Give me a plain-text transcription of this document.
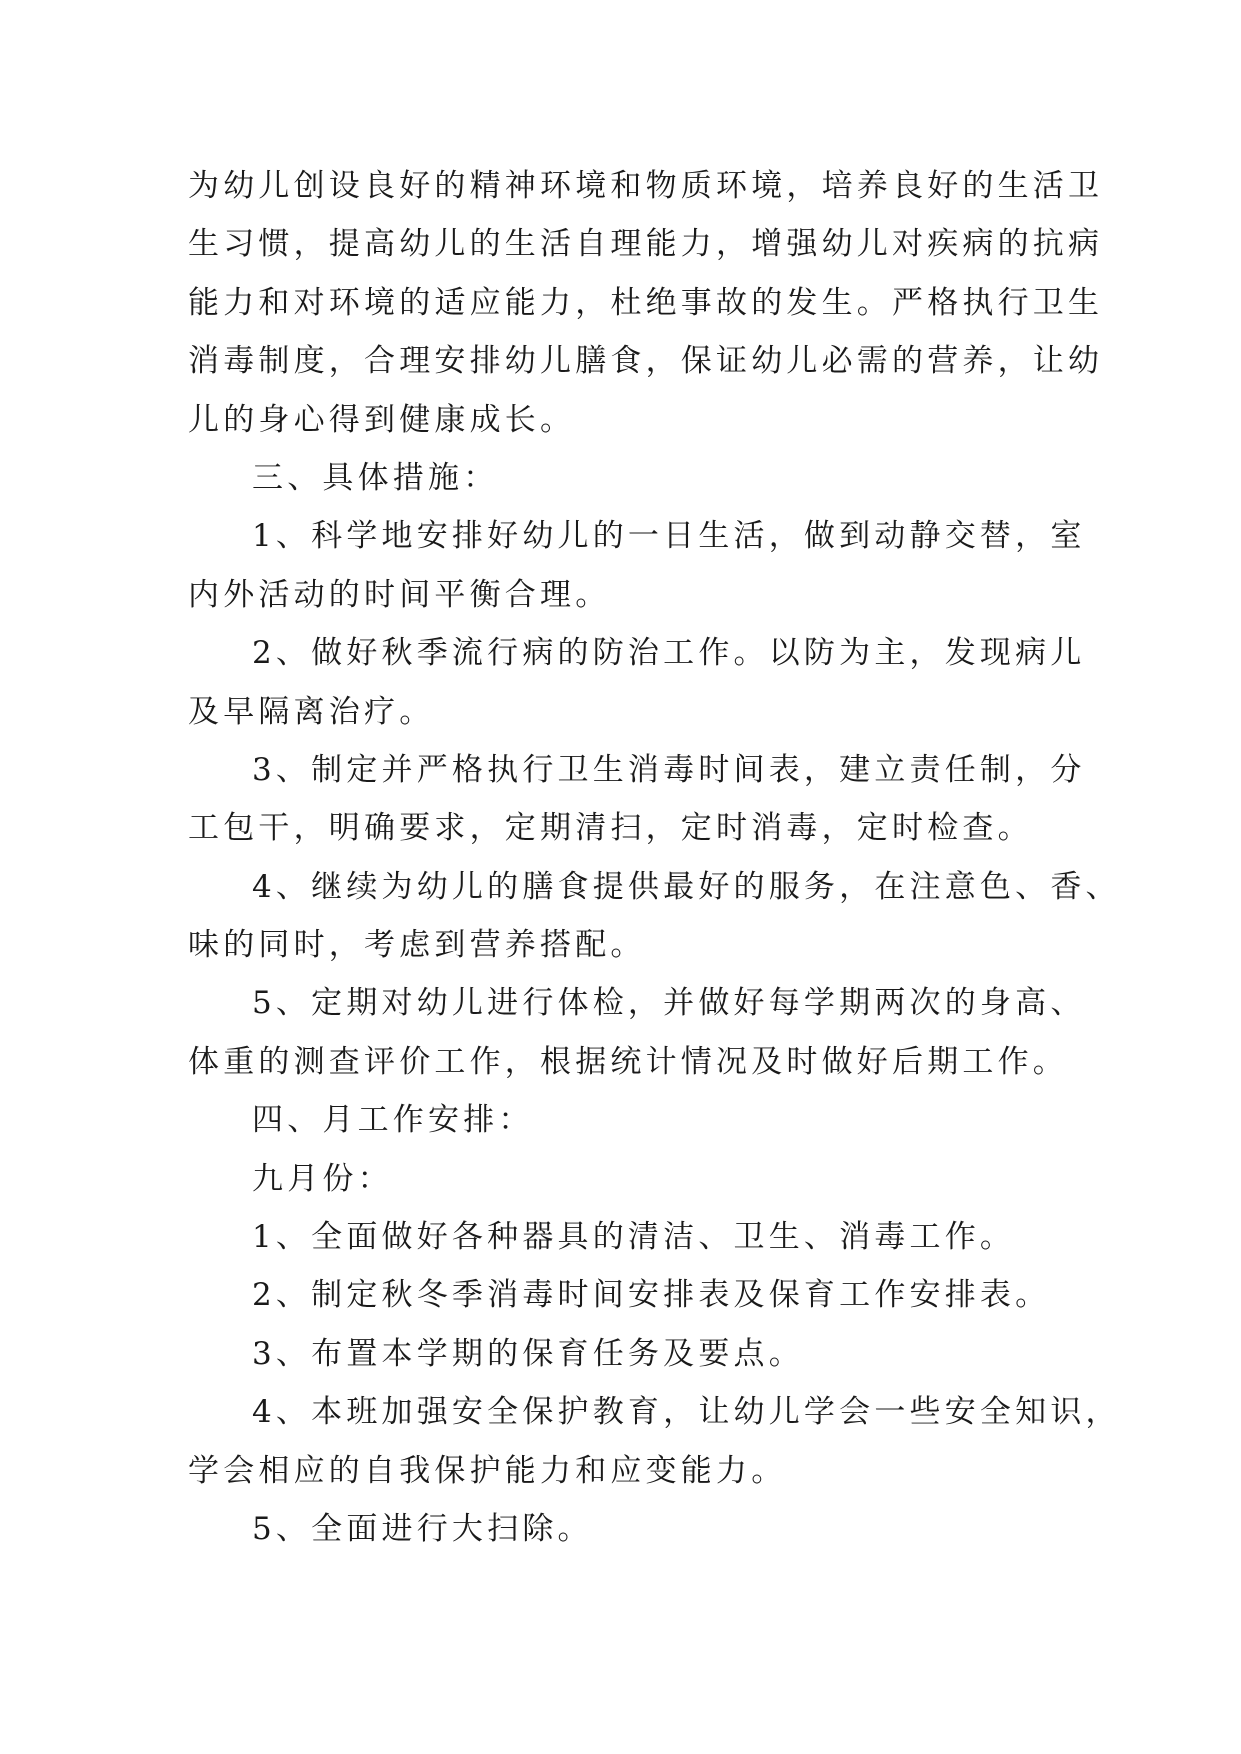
为幼儿创设良好的精神环境和物质环境，培养良好的生活卫
生习惯，提高幼儿的生活自理能力，增强幼儿对疾病的抗病
能力和对环境的适应能力，杜绝事故的发生。严格执行卫生
消毒制度，合理安排幼儿膳食，保证幼儿必需的营养，让幼
儿的身心得到健康成长。
三、具体措施：
1、科学地安排好幼儿的一日生活，做到动静交替，室
内外活动的时间平衡合理。
2、做好秋季流行病的防治工作。以防为主，发现病儿
及早隔离治疗。
3、制定并严格执行卫生消毒时间表，建立责任制，分
工包干，明确要求，定期清扫，定时消毒，定时检查。
4、继续为幼儿的膳食提供最好的服务，在注意色、香、
味的同时，考虑到营养搭配。
5、定期对幼儿进行体检，并做好每学期两次的身高、
体重的测查评价工作，根据统计情况及时做好后期工作。
四、月工作安排：
九月份：
1、全面做好各种器具的清洁、卫生、消毒工作。
2、制定秋冬季消毒时间安排表及保育工作安排表。
3、布置本学期的保育任务及要点。
4、本班加强安全保护教育，让幼儿学会一些安全知识，
学会相应的自我保护能力和应变能力。
5、全面进行大扫除。
